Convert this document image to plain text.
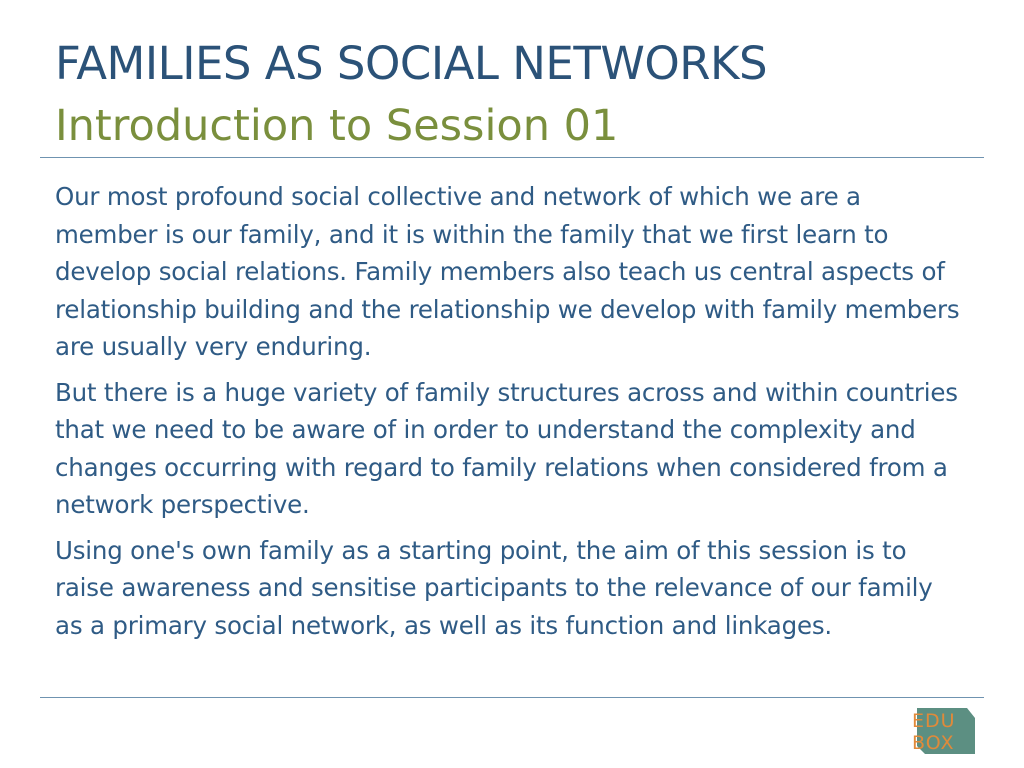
FAMILIES AS SOCIAL NETWORKS
Introduction to Session 01

Our most profound social collective and network of which we are a member is our family, and it is within the family that we first learn to develop social relations. Family members also teach us central aspects of relationship building and the relationship we develop with family members are usually very enduring.

But there is a huge variety of family structures across and within countries that we need to be aware of in order to understand the complexity and changes occurring with regard to family relations when considered from a network perspective.

Using one's own family as a starting point, the aim of this session is to raise awareness and sensitise participants to the relevance of our family as a primary social network, as well as its function and linkages.

EDU
BOX
